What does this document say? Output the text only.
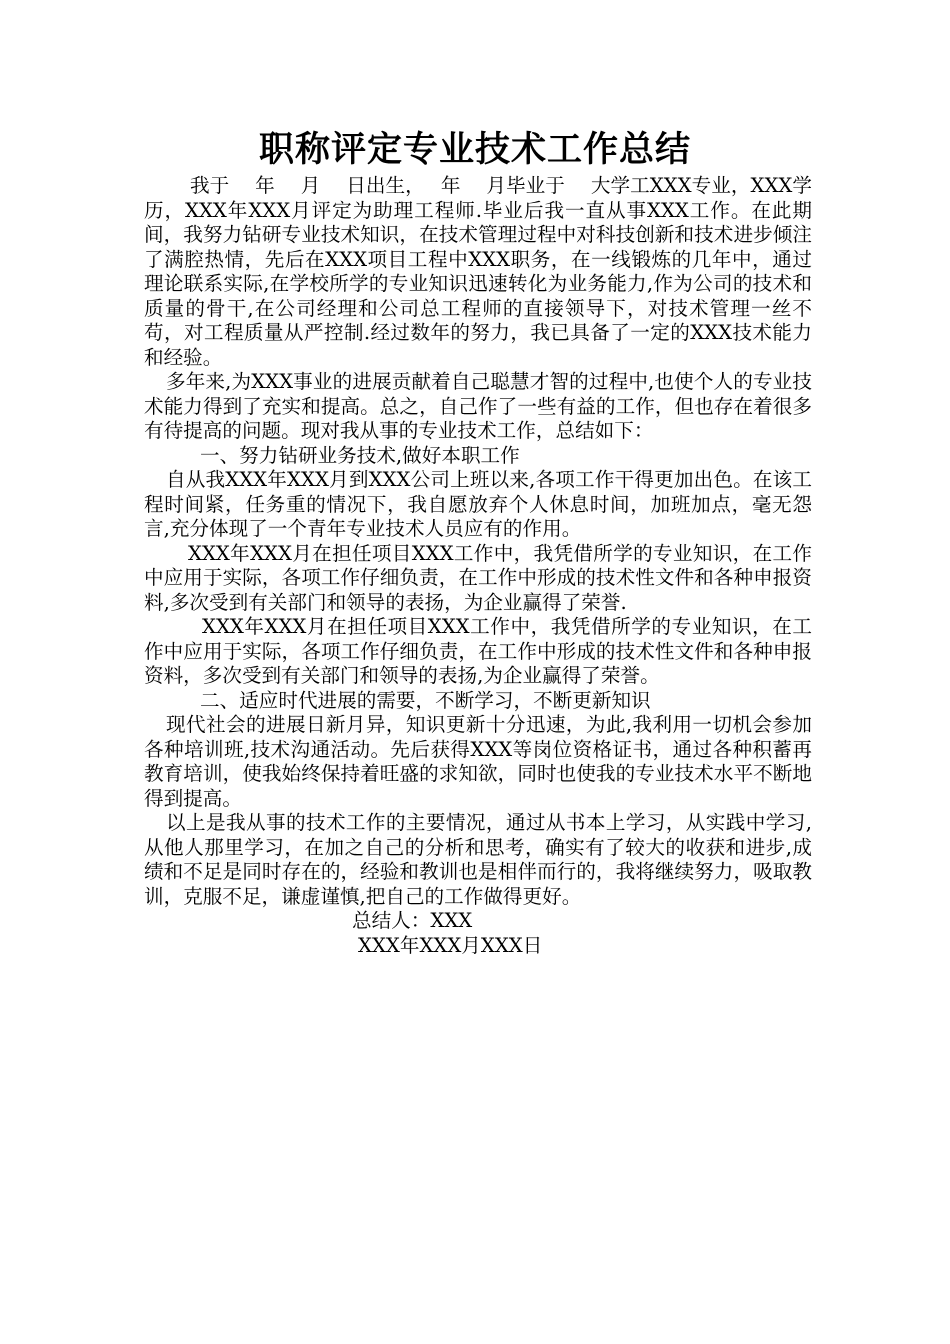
职称评定专业技术工作总结

我于　 年　 月　 日出生，　 年　 月毕业于　 大学工XXX专业，XXX学历，XXX年XXX月评定为助理工程师.毕业后我一直从事XXX工作。在此期间，我努力钻研专业技术知识，在技术管理过程中对科技创新和技术进步倾注了满腔热情，先后在XXX项目工程中XXX职务，在一线锻炼的几年中，通过理论联系实际,在学校所学的专业知识迅速转化为业务能力,作为公司的技术和质量的骨干,在公司经理和公司总工程师的直接领导下，对技术管理一丝不苟，对工程质量从严控制.经过数年的努力，我已具备了一定的XXX技术能力和经验。

多年来,为XXX事业的进展贡献着自己聪慧才智的过程中,也使个人的专业技术能力得到了充实和提高。总之，自己作了一些有益的工作，但也存在着很多有待提高的问题。现对我从事的专业技术工作，总结如下：

一、努力钻研业务技术,做好本职工作

自从我XXX年XXX月到XXX公司上班以来,各项工作干得更加出色。在该工程时间紧，任务重的情况下，我自愿放弃个人休息时间，加班加点，毫无怨言,充分体现了一个青年专业技术人员应有的作用。

XXX年XXX月在担任项目XXX工作中，我凭借所学的专业知识，在工作中应用于实际，各项工作仔细负责，在工作中形成的技术性文件和各种申报资料,多次受到有关部门和领导的表扬，为企业赢得了荣誉.

XXX年XXX月在担任项目XXX工作中，我凭借所学的专业知识，在工作中应用于实际，各项工作仔细负责，在工作中形成的技术性文件和各种申报资料，多次受到有关部门和领导的表扬,为企业赢得了荣誉。

二、适应时代进展的需要，不断学习，不断更新知识

现代社会的进展日新月异，知识更新十分迅速，为此,我利用一切机会参加各种培训班,技术沟通活动。先后获得XXX等岗位资格证书，通过各种积蓄再教育培训，使我始终保持着旺盛的求知欲，同时也使我的专业技术水平不断地得到提高。

以上是我从事的技术工作的主要情况，通过从书本上学习，从实践中学习,从他人那里学习，在加之自己的分析和思考，确实有了较大的收获和进步,成绩和不足是同时存在的，经验和教训也是相伴而行的，我将继续努力，吸取教训，克服不足，谦虚谨慎,把自己的工作做得更好。

总结人：XXX

XXX年XXX月XXX日
